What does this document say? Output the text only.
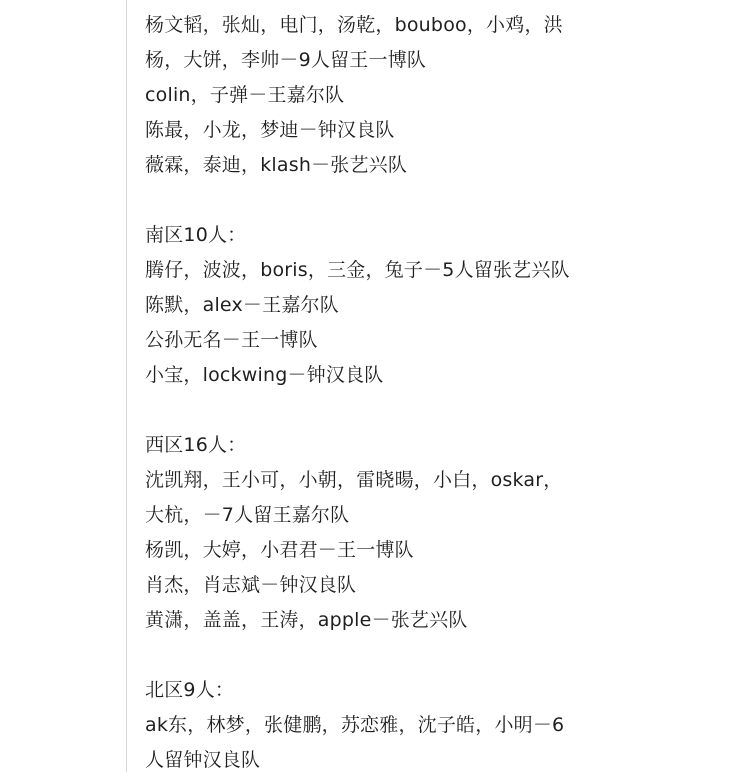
杨文韬，张灿，电门，汤乾，bouboo，小鸡，洪
杨，大饼，李帅－9人留王一博队
colin，子弹－王嘉尔队
陈最，小龙，梦迪－钟汉良队
薇霖，泰迪，klash－张艺兴队
南区10人：
腾仔，波波，boris，三金，兔子－5人留张艺兴队
陈默，alex－王嘉尔队
公孙无名－王一博队
小宝，lockwing－钟汉良队
西区16人：
沈凯翔，王小可，小朝，雷晓暘，小白，oskar，
大杭，－7人留王嘉尔队
杨凯，大婷，小君君－王一博队
肖杰，肖志斌－钟汉良队
黄潇，盖盖，王涛，apple－张艺兴队
北区9人：
ak东，林梦，张健鹏，苏恋雅，沈子皓，小明－6
人留钟汉良队
